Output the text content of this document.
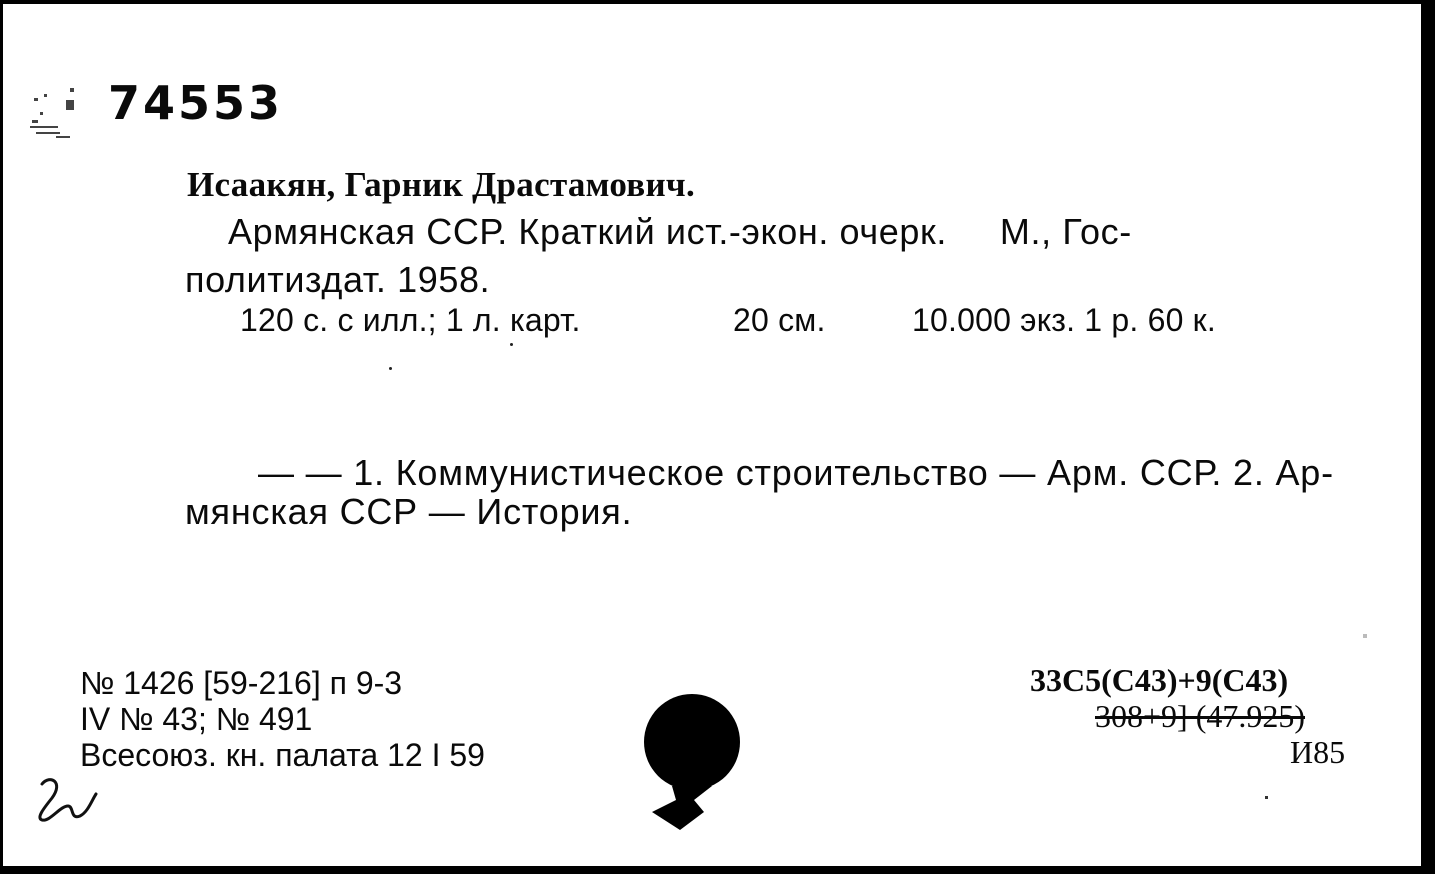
74553
Исаакян, Гарник Драстамович.
Армянская ССР. Краткий ист.-экон. очерк.     М., Гос-
политиздат. 1958.

120 с. с илл.; 1 л. карт.

	20 см.

	10.000 экз. 1 р. 60 к.

— — 1. Коммунистическое строительство — Арм. ССР. 2. Ар-
мянская ССР — История.
№ 1426 [59-216] п 9-3
IV № 43; № 491
Всесоюз. кн. палата 12 I 59
33С5(С43)+9(С43)
308+9] (47.925)
И85
